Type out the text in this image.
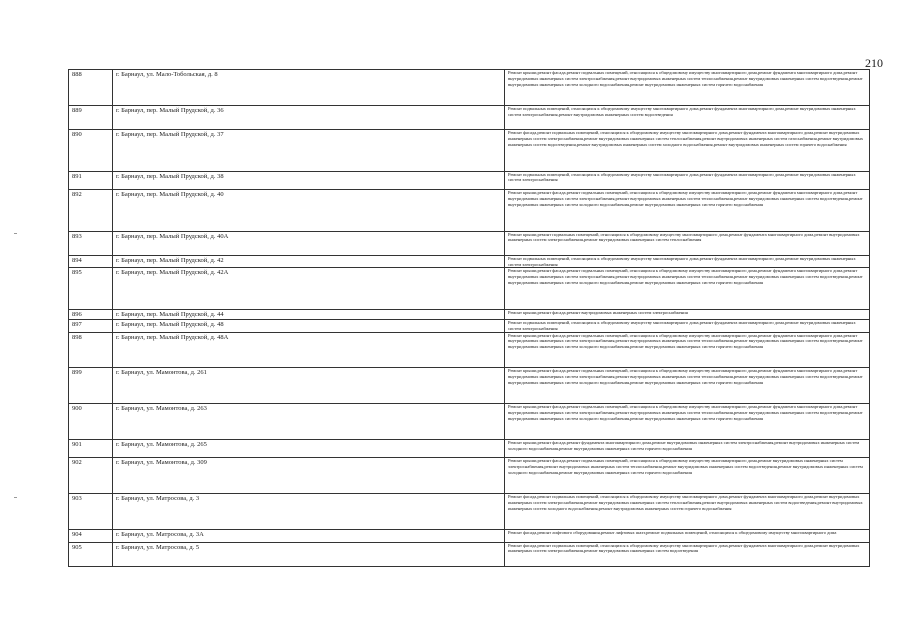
210
888	г. Барнаул, ул. Мало-Тобольская, д. 8	Ремонт крыши,ремонт фасада,ремонт подвальных помещений, относящихся к общедомовому имуществу многоквартирного дома,ремонт фундамента многоквартирного дома,ремонт внутридомовых инженерных систем электроснабжения,ремонт внутридомовых инженерных систем теплоснабжения,ремонт внутридомовых инженерных систем водоотведения,ремонт внутридомовых инженерных систем холодного водоснабжения,ремонт внутридомовых инженерных систем горячего водоснабжения
889	г. Барнаул, пер. Малый Прудской, д. 36	Ремонт подвальных помещений, относящихся к общедомовому имуществу многоквартирного дома,ремонт фундамента многоквартирного дома,ремонт внутридомовых инженерных систем электроснабжения,ремонт внутридомовых инженерных систем водоотведения
890	г. Барнаул, пер. Малый Прудской, д. 37	Ремонт фасада,ремонт подвальных помещений, относящихся к общедомовому имуществу многоквартирного дома,ремонт фундамента многоквартирного дома,ремонт внутридомовых инженерных систем электроснабжения,ремонт внутридомовых инженерных систем теплоснабжения,ремонт внутридомовых инженерных систем газоснабжения,ремонт внутридомовых инженерных систем водоотведения,ремонт внутридомовых инженерных систем холодного водоснабжения,ремонт внутридомовых инженерных систем горячего водоснабжения
891	г. Барнаул, пер. Малый Прудской, д. 38	Ремонт подвальных помещений, относящихся к общедомовому имуществу многоквартирного дома,ремонт фундамента многоквартирного дома,ремонт внутридомовых инженерных систем электроснабжения
892	г. Барнаул, пер. Малый Прудской, д. 40	Ремонт крыши,ремонт фасада,ремонт подвальных помещений, относящихся к общедомовому имуществу многоквартирного дома,ремонт фундамента многоквартирного дома,ремонт внутридомовых инженерных систем электроснабжения,ремонт внутридомовых инженерных систем теплоснабжения,ремонт внутридомовых инженерных систем водоотведения,ремонт внутридомовых инженерных систем холодного водоснабжения,ремонт внутридомовых инженерных систем горячего водоснабжения
893	г. Барнаул, пер. Малый Прудской, д. 40А	Ремонт крыши,ремонт подвальных помещений, относящихся к общедомовому имуществу многоквартирного дома,ремонт фундамента многоквартирного дома,ремонт внутридомовых инженерных систем электроснабжения,ремонт внутридомовых инженерных систем теплоснабжения
894	г. Барнаул, пер. Малый Прудской, д. 42	Ремонт подвальных помещений, относящихся к общедомовому имуществу многоквартирного дома,ремонт фундамента многоквартирного дома,ремонт внутридомовых инженерных систем электроснабжения
895	г. Барнаул, пер. Малый Прудской, д. 42А	Ремонт крыши,ремонт фасада,ремонт подвальных помещений, относящихся к общедомовому имуществу многоквартирного дома,ремонт фундамента многоквартирного дома,ремонт внутридомовых инженерных систем электроснабжения,ремонт внутридомовых инженерных систем теплоснабжения,ремонт внутридомовых инженерных систем водоотведения,ремонт внутридомовых инженерных систем холодного водоснабжения,ремонт внутридомовых инженерных систем горячего водоснабжения
896	г. Барнаул, пер. Малый Прудской, д. 44	Ремонт крыши,ремонт фасада,ремонт внутридомовых инженерных систем электроснабжения
897	г. Барнаул, пер. Малый Прудской, д. 48	Ремонт подвальных помещений, относящихся к общедомовому имуществу многоквартирного дома,ремонт фундамента многоквартирного дома,ремонт внутридомовых инженерных систем электроснабжения
898	г. Барнаул, пер. Малый Прудской, д. 48А	Ремонт крыши,ремонт фасада,ремонт подвальных помещений, относящихся к общедомовому имуществу многоквартирного дома,ремонт фундамента многоквартирного дома,ремонт внутридомовых инженерных систем электроснабжения,ремонт внутридомовых инженерных систем теплоснабжения,ремонт внутридомовых инженерных систем водоотведения,ремонт внутридомовых инженерных систем холодного водоснабжения,ремонт внутридомовых инженерных систем горячего водоснабжения
899	г. Барнаул, ул. Мамонтова, д. 261	Ремонт крыши,ремонт фасада,ремонт подвальных помещений, относящихся к общедомовому имуществу многоквартирного дома,ремонт фундамента многоквартирного дома,ремонт внутридомовых инженерных систем электроснабжения,ремонт внутридомовых инженерных систем теплоснабжения,ремонт внутридомовых инженерных систем водоотведения,ремонт внутридомовых инженерных систем холодного водоснабжения,ремонт внутридомовых инженерных систем горячего водоснабжения
900	г. Барнаул, ул. Мамонтова, д. 263	Ремонт крыши,ремонт фасада,ремонт подвальных помещений, относящихся к общедомовому имуществу многоквартирного дома,ремонт фундамента многоквартирного дома,ремонт внутридомовых инженерных систем электроснабжения,ремонт внутридомовых инженерных систем теплоснабжения,ремонт внутридомовых инженерных систем водоотведения,ремонт внутридомовых инженерных систем холодного водоснабжения,ремонт внутридомовых инженерных систем горячего водоснабжения
901	г. Барнаул, ул. Мамонтова, д. 265	Ремонт крыши,ремонт фасада,ремонт фундамента многоквартирного дома,ремонт внутридомовых инженерных систем электроснабжения,ремонт внутридомовых инженерных систем холодного водоснабжения,ремонт внутридомовых инженерных систем горячего водоснабжения
902	г. Барнаул, ул. Мамонтова, д. 309	Ремонт крыши,ремонт фасада,ремонт подвальных помещений, относящихся к общедомовому имуществу многоквартирного дома,ремонт внутридомовых инженерных систем электроснабжения,ремонт внутридомовых инженерных систем теплоснабжения,ремонт внутридомовых инженерных систем водоотведения,ремонт внутридомовых инженерных систем холодного водоснабжения,ремонт внутридомовых инженерных систем горячего водоснабжения
903	г. Барнаул, ул. Матросова, д. 3	Ремонт фасада,ремонт подвальных помещений, относящихся к общедомовому имуществу многоквартирного дома,ремонт фундамента многоквартирного дома,ремонт внутридомовых инженерных систем электроснабжения,ремонт внутридомовых инженерных систем теплоснабжения,ремонт внутридомовых инженерных систем водоотведения,ремонт внутридомовых инженерных систем холодного водоснабжения,ремонт внутридомовых инженерных систем горячего водоснабжения
904	г. Барнаул, ул. Матросова, д. 3А	Ремонт фасада,ремонт лифтового оборудования,ремонт лифтовых шахт,ремонт подвальных помещений, относящихся к общедомовому имуществу многоквартирного дома
905	г. Барнаул, ул. Матросова, д. 5	Ремонт фасада,ремонт подвальных помещений, относящихся к общедомовому имуществу многоквартирного дома,ремонт фундамента многоквартирного дома,ремонт внутридомовых инженерных систем электроснабжения,ремонт внутридомовых инженерных систем водоотведения
